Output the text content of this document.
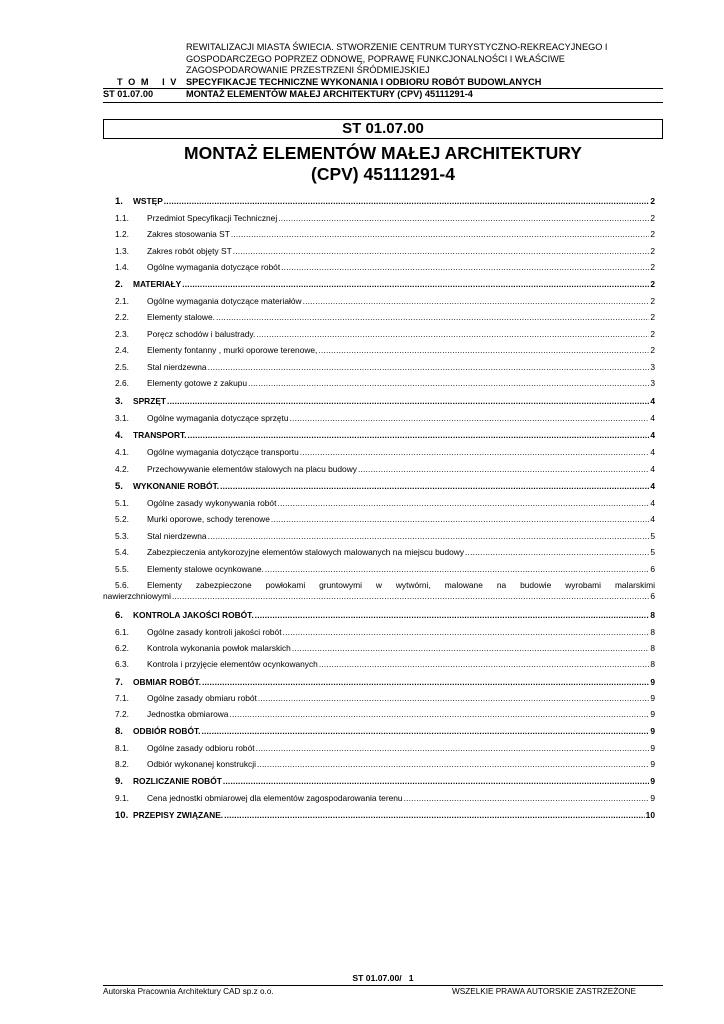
REWITALIZACJI MIASTA ŚWIECIA. STWORZENIE CENTRUM TURYSTYCZNO-REKREACYJNEGO I
GOSPODARCZEGO POPRZEZ ODNOWĘ, POPRAWĘ FUNKCJONALNOŚCI I WŁAŚCIWE
ZAGOSPODAROWANIE PRZESTRZENI ŚRÓDMIEJSKIEJ
T O M   I V SPECYFIKACJE TECHNICZNE WYKONANIA I ODBIORU ROBÓT BUDOWLANYCH
ST 01.07.00	MONTAŻ ELEMENTÓW MAŁEJ ARCHITEKTURY (CPV) 45111291-4
ST 01.07.00
MONTAŻ ELEMENTÓW MAŁEJ ARCHITEKTURY
(CPV) 45111291-4
1.	WSTĘP .....	2
1.1.	Przedmiot Specyfikacji Technicznej .....	2
1.2.	Zakres stosowania ST .....	2
1.3.	Zakres robót objęty ST .....	2
1.4.	Ogólne wymagania dotyczące robót .....	2
2.	MATERIAŁY .....	2
2.1.	Ogólne wymagania dotyczące materiałów .....	2
2.2.	Elementy stalowe. .....	2
2.3.	Poręcz schodów i balustrady. .....	2
2.4.	Elementy fontanny , murki oporowe terenowe, .....	2
2.5.	Stal nierdzewna .....	3
2.6.	Elementy gotowe z zakupu .....	3
3.	SPRZĘT .....	4
3.1.	Ogólne wymagania dotyczące sprzętu .....	4
4.	TRANSPORT. .....	4
4.1.	Ogólne wymagania dotyczące transportu .....	4
4.2.	Przechowywanie elementów stalowych na placu budowy .....	4
5.	WYKONANIE ROBÓT. .....	4
5.1.	Ogólne zasady wykonywania robót .....	4
5.2.	Murki oporowe, schody terenowe .....	4
5.3.	Stal nierdzewna .....	5
5.4.	Zabezpieczenia antykorozyjne elementów stalowych malowanych na miejscu budowy .....	5
5.5.	Elementy stalowe ocynkowane. .....	6
5.6.	Elementy zabezpieczone powłokami gruntowymi w wytwórni, malowane na budowie wyrobami malarskimi
nawierzchniowymi .....	6
6.	KONTROLA JAKOŚCI ROBÓT. .....	8
6.1.	Ogólne zasady kontroli jakości robót .....	8
6.2.	Kontrola wykonania powłok malarskich .....	8
6.3.	Kontrola i przyjęcie elementów ocynkowanych .....	8
7.	OBMIAR ROBÓT. .....	9
7.1.	Ogólne zasady obmiaru robót .....	9
7.2.	Jednostka obmiarowa .....	9
8.	ODBIÓR ROBÓT. .....	9
8.1.	Ogólne zasady odbioru robót .....	9
8.2.	Odbiór wykonanej konstrukcji .....	9
9.	ROZLICZANIE ROBÓT .....	9
9.1.	Cena jednostki obmiarowej dla elementów zagospodarowania terenu .....	9
10. PRZEPISY ZWIĄZANE. .....	10
ST 01.07.00/   1
Autorska Pracownia Architektury CAD sp.z o.o.	WSZELKIE PRAWA AUTORSKIE ZASTRZEŻONE
